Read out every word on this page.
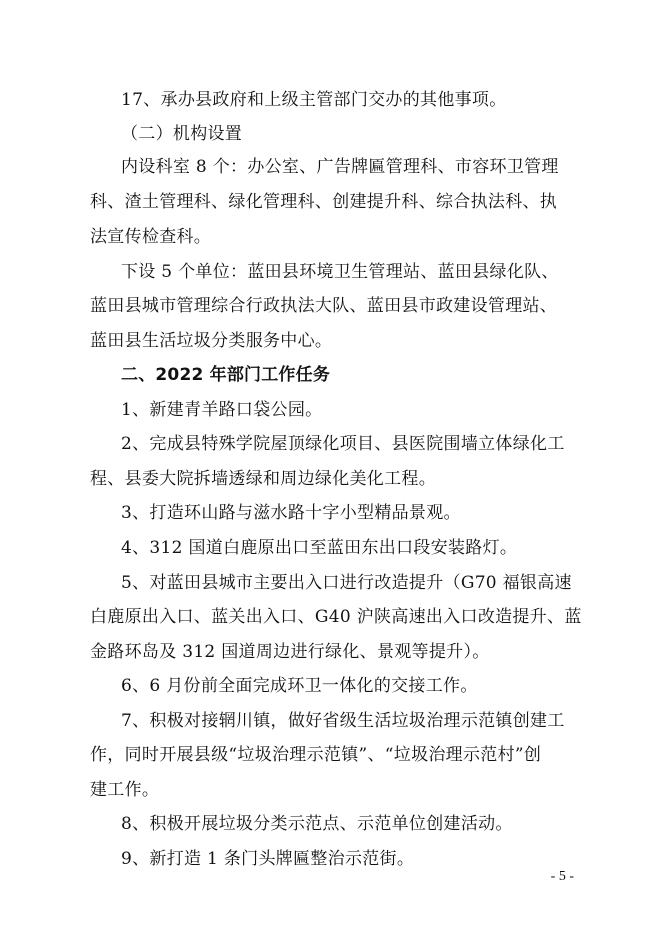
17、承办县政府和上级主管部门交办的其他事项。
（二）机构设置
内设科室 8 个：办公室、广告牌匾管理科、市容环卫管理
科、渣土管理科、绿化管理科、创建提升科、综合执法科、执
法宣传检查科。
下设 5 个单位：蓝田县环境卫生管理站、蓝田县绿化队、
蓝田县城市管理综合行政执法大队、蓝田县市政建设管理站、
蓝田县生活垃圾分类服务中心。
二、2022 年部门工作任务
1、新建青羊路口袋公园。
2、完成县特殊学院屋顶绿化项目、县医院围墙立体绿化工
程、县委大院拆墙透绿和周边绿化美化工程。
3、打造环山路与滋水路十字小型精品景观。
4、312 国道白鹿原出口至蓝田东出口段安装路灯。
5、对蓝田县城市主要出入口进行改造提升（G70 福银高速
白鹿原出入口、蓝关出入口、G40 沪陕高速出入口改造提升、蓝
金路环岛及 312 国道周边进行绿化、景观等提升）。
6、6 月份前全面完成环卫一体化的交接工作。
7、积极对接辋川镇，做好省级生活垃圾治理示范镇创建工
作，同时开展县级“垃圾治理示范镇”、“垃圾治理示范村”创
建工作。
8、积极开展垃圾分类示范点、示范单位创建活动。
9、新打造 1 条门头牌匾整治示范街。
- 5 -
